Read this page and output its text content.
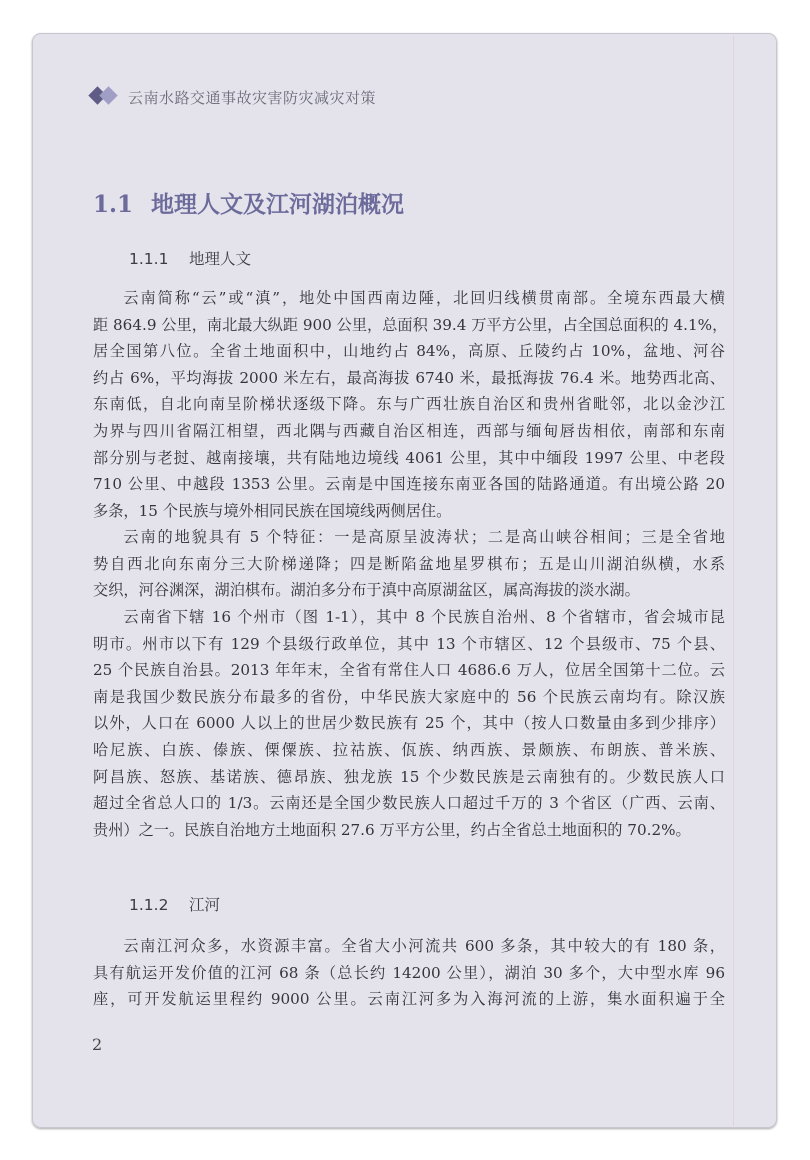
云南水路交通事故灾害防灾减灾对策
1.1 地理人文及江河湖泊概况
1.1.1	地理人文
云南简称“云”或“滇”，地处中国西南边陲，北回归线横贯南部。全境东西最大横
距 864.9 公里，南北最大纵距 900 公里，总面积 39.4 万平方公里，占全国总面积的 4.1%，
居全国第八位。全省土地面积中，山地约占 84%，高原、丘陵约占 10%，盆地、河谷
约占 6%，平均海拔 2000 米左右，最高海拔 6740 米，最抵海拔 76.4 米。地势西北高、
东南低，自北向南呈阶梯状逐级下降。东与广西壮族自治区和贵州省毗邻，北以金沙江
为界与四川省隔江相望，西北隅与西藏自治区相连，西部与缅甸唇齿相依，南部和东南
部分别与老挝、越南接壤，共有陆地边境线 4061 公里，其中中缅段 1997 公里、中老段
710 公里、中越段 1353 公里。云南是中国连接东南亚各国的陆路通道。有出境公路 20
多条，15 个民族与境外相同民族在国境线两侧居住。
云南的地貌具有 5 个特征：一是高原呈波涛状；二是高山峡谷相间；三是全省地
势自西北向东南分三大阶梯递降；四是断陷盆地星罗棋布；五是山川湖泊纵横，水系
交织，河谷渊深，湖泊棋布。湖泊多分布于滇中高原湖盆区，属高海拔的淡水湖。
云南省下辖 16 个州市（图 1-1），其中 8 个民族自治州、8 个省辖市，省会城市昆
明市。州市以下有 129 个县级行政单位，其中 13 个市辖区、12 个县级市、75 个县、
25 个民族自治县。2013 年年末，全省有常住人口 4686.6 万人，位居全国第十二位。云
南是我国少数民族分布最多的省份，中华民族大家庭中的 56 个民族云南均有。除汉族
以外，人口在 6000 人以上的世居少数民族有 25 个，其中（按人口数量由多到少排序）
哈尼族、白族、傣族、傈僳族、拉祜族、佤族、纳西族、景颇族、布朗族、普米族、
阿昌族、怒族、基诺族、德昂族、独龙族 15 个少数民族是云南独有的。少数民族人口
超过全省总人口的 1/3。云南还是全国少数民族人口超过千万的 3 个省区（广西、云南、
贵州）之一。民族自治地方土地面积 27.6 万平方公里，约占全省总土地面积的 70.2%。
1.1.2	江河
云南江河众多，水资源丰富。全省大小河流共 600 多条，其中较大的有 180 条，
具有航运开发价值的江河 68 条（总长约 14200 公里），湖泊 30 多个，大中型水库 96
座，可开发航运里程约 9000 公里。云南江河多为入海河流的上游，集水面积遍于全
2
